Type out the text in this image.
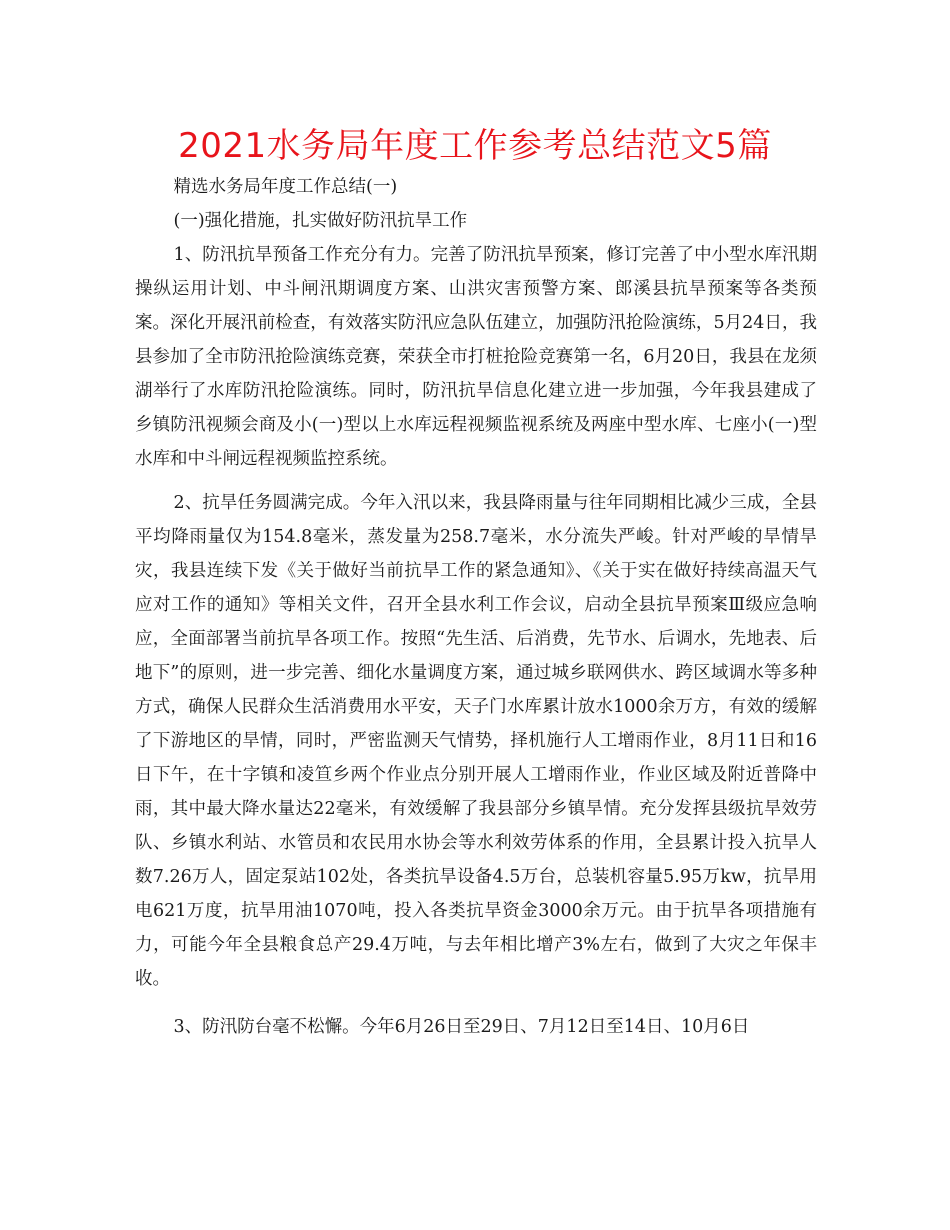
2021水务局年度工作参考总结范文5篇

精选水务局年度工作总结(一)

(一)强化措施，扎实做好防汛抗旱工作

1、防汛抗旱预备工作充分有力。完善了防汛抗旱预案，修订完善了中小型水库汛期操纵运用计划、中斗闸汛期调度方案、山洪灾害预警方案、郎溪县抗旱预案等各类预案。深化开展汛前检查，有效落实防汛应急队伍建立，加强防汛抢险演练，5月24日，我县参加了全市防汛抢险演练竞赛，荣获全市打桩抢险竞赛第一名，6月20日，我县在龙须湖举行了水库防汛抢险演练。同时，防汛抗旱信息化建立进一步加强，今年我县建成了乡镇防汛视频会商及小(一)型以上水库远程视频监视系统及两座中型水库、七座小(一)型水库和中斗闸远程视频监控系统。

2、抗旱任务圆满完成。今年入汛以来，我县降雨量与往年同期相比减少三成，全县平均降雨量仅为154.8毫米，蒸发量为258.7毫米，水分流失严峻。针对严峻的旱情旱灾，我县连续下发《关于做好当前抗旱工作的紧急通知》、《关于实在做好持续高温天气应对工作的通知》等相关文件，召开全县水利工作会议，启动全县抗旱预案Ⅲ级应急响应，全面部署当前抗旱各项工作。按照“先生活、后消费，先节水、后调水，先地表、后地下”的原则，进一步完善、细化水量调度方案，通过城乡联网供水、跨区域调水等多种方式，确保人民群众生活消费用水平安，天子门水库累计放水1000余万方，有效的缓解了下游地区的旱情，同时，严密监测天气情势，择机施行人工增雨作业，8月11日和16日下午，在十字镇和凌笪乡两个作业点分别开展人工增雨作业，作业区域及附近普降中雨，其中最大降水量达22毫米，有效缓解了我县部分乡镇旱情。充分发挥县级抗旱效劳队、乡镇水利站、水管员和农民用水协会等水利效劳体系的作用，全县累计投入抗旱人数7.26万人，固定泵站102处，各类抗旱设备4.5万台，总装机容量5.95万kw，抗旱用电621万度，抗旱用油1070吨，投入各类抗旱资金3000余万元。由于抗旱各项措施有力，可能今年全县粮食总产29.4万吨，与去年相比增产3%左右，做到了大灾之年保丰收。

3、防汛防台毫不松懈。今年6月26日至29日、7月12日至14日、10月6日
